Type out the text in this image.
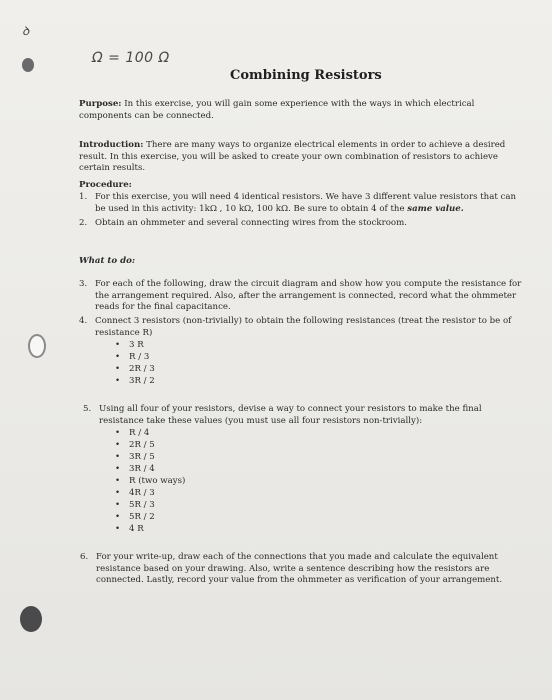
ꝺ
Ω = 100 Ω
Combining Resistors
Purpose: In this exercise, you will gain some experience with the ways in which electrical components can be connected.
Introduction: There are many ways to organize electrical elements in order to achieve a desired result. In this exercise, you will be asked to create your own combination of resistors to achieve certain results.
Procedure:
1. For this exercise, you will need 4 identical resistors. We have 3 different value resistors that can be used in this activity: 1kΩ , 10 kΩ, 100 kΩ. Be sure to obtain 4 of the same value.
2. Obtain an ohmmeter and several connecting wires from the stockroom.
What to do:
3. For each of the following, draw the circuit diagram and show how you compute the resistance for the arrangement required. Also, after the arrangement is connected, record what the ohmmeter reads for the final capacitance.
4. Connect 3 resistors (non-trivially) to obtain the following resistances (treat the resistor to be of resistance R)
• 3 R
• R / 3
• 2R / 3
• 3R / 2
5. Using all four of your resistors, devise a way to connect your resistors to make the final resistance take these values (you must use all four resistors non-trivially):
• R / 4
• 2R / 5
• 3R / 5
• 3R / 4
• R (two ways)
• 4R / 3
• 5R / 3
• 5R / 2
• 4 R
6. For your write-up, draw each of the connections that you made and calculate the equivalent resistance based on your drawing. Also, write a sentence describing how the resistors are connected. Lastly, record your value from the ohmmeter as verification of your arrangement.
